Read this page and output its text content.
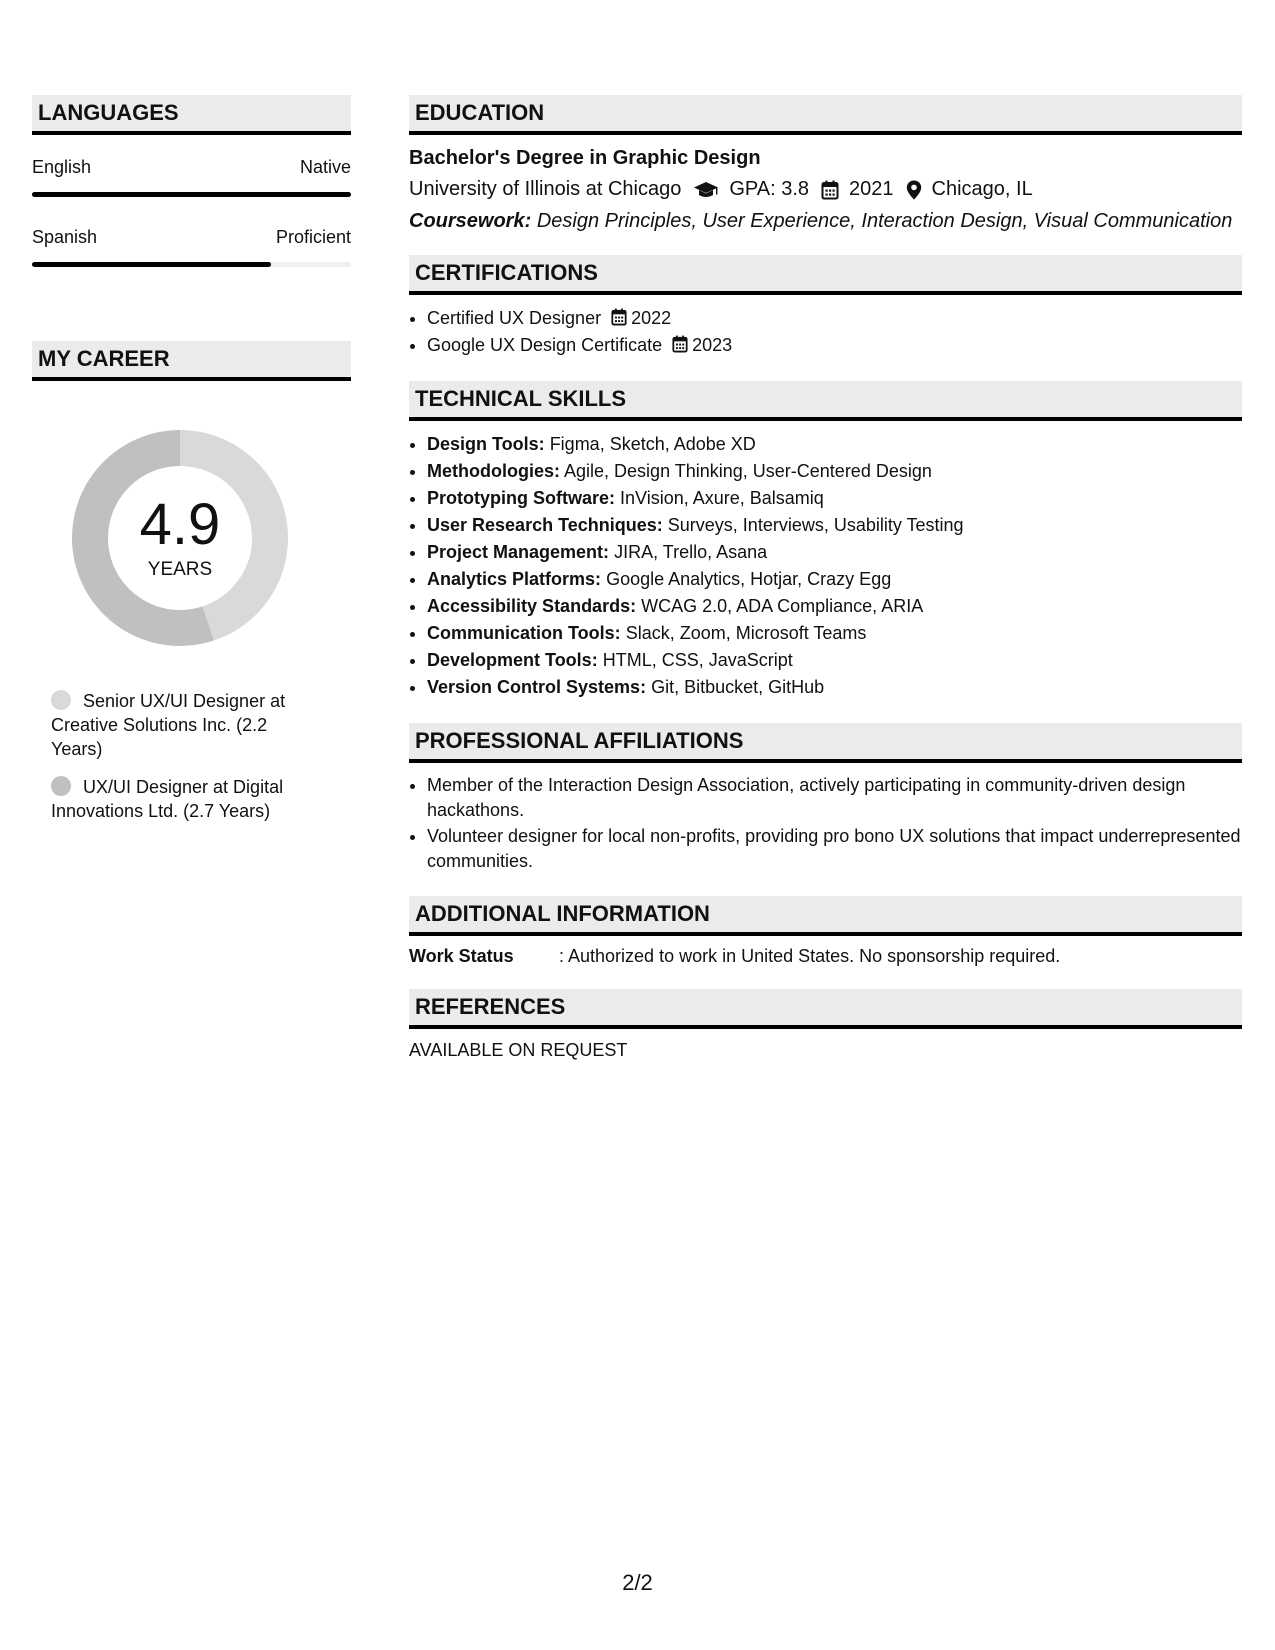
LANGUAGES
English	Native
Spanish	Proficient
MY CAREER
4.9
YEARS
Senior UX/UI Designer at Creative Solutions Inc. (2.2 Years)
UX/UI Designer at Digital Innovations Ltd. (2.7 Years)
EDUCATION
Bachelor's Degree in Graphic Design
University of Illinois at Chicago GPA: 3.8 2021 Chicago, IL
Coursework: Design Principles, User Experience, Interaction Design, Visual Communication
CERTIFICATIONS
• Certified UX Designer 2022
• Google UX Design Certificate 2023
TECHNICAL SKILLS
• Design Tools: Figma, Sketch, Adobe XD
• Methodologies: Agile, Design Thinking, User-Centered Design
• Prototyping Software: InVision, Axure, Balsamiq
• User Research Techniques: Surveys, Interviews, Usability Testing
• Project Management: JIRA, Trello, Asana
• Analytics Platforms: Google Analytics, Hotjar, Crazy Egg
• Accessibility Standards: WCAG 2.0, ADA Compliance, ARIA
• Communication Tools: Slack, Zoom, Microsoft Teams
• Development Tools: HTML, CSS, JavaScript
• Version Control Systems: Git, Bitbucket, GitHub
PROFESSIONAL AFFILIATIONS
• Member of the Interaction Design Association, actively participating in community-driven design hackathons.
• Volunteer designer for local non-profits, providing pro bono UX solutions that impact underrepresented communities.
ADDITIONAL INFORMATION
Work Status	: Authorized to work in United States. No sponsorship required.
REFERENCES
AVAILABLE ON REQUEST
2/2
